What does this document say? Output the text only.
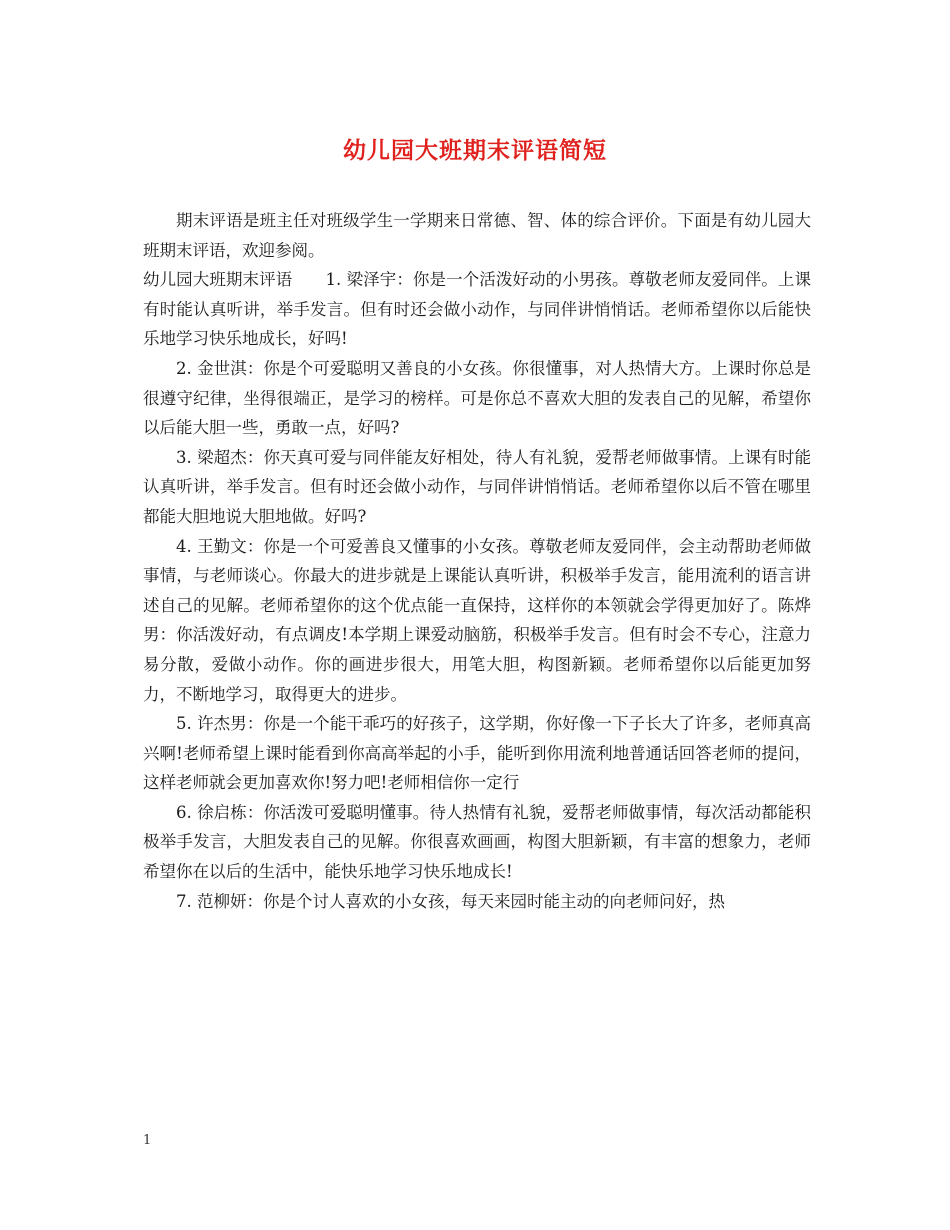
幼儿园大班期末评语简短

期末评语是班主任对班级学生一学期来日常德、智、体的综合评价。下面是有幼儿园大班期末评语，欢迎参阅。

幼儿园大班期末评语　　1. 梁泽宇：你是一个活泼好动的小男孩。尊敬老师友爱同伴。上课有时能认真听讲，举手发言。但有时还会做小动作，与同伴讲悄悄话。老师希望你以后能快乐地学习快乐地成长，好吗!

2. 金世淇：你是个可爱聪明又善良的小女孩。你很懂事，对人热情大方。上课时你总是很遵守纪律，坐得很端正，是学习的榜样。可是你总不喜欢大胆的发表自己的见解，希望你以后能大胆一些，勇敢一点，好吗?

3. 梁超杰：你天真可爱与同伴能友好相处，待人有礼貌，爱帮老师做事情。上课有时能认真听讲，举手发言。但有时还会做小动作，与同伴讲悄悄话。老师希望你以后不管在哪里都能大胆地说大胆地做。好吗?

4. 王勤文：你是一个可爱善良又懂事的小女孩。尊敬老师友爱同伴，会主动帮助老师做事情，与老师谈心。你最大的进步就是上课能认真听讲，积极举手发言，能用流利的语言讲述自己的见解。老师希望你的这个优点能一直保持，这样你的本领就会学得更加好了。陈烨男：你活泼好动，有点调皮!本学期上课爱动脑筋，积极举手发言。但有时会不专心，注意力易分散，爱做小动作。你的画进步很大，用笔大胆，构图新颖。老师希望你以后能更加努力，不断地学习，取得更大的进步。

5. 许杰男：你是一个能干乖巧的好孩子，这学期，你好像一下子长大了许多，老师真高兴啊!老师希望上课时能看到你高高举起的小手，能听到你用流利地普通话回答老师的提问，这样老师就会更加喜欢你!努力吧!老师相信你一定行

6. 徐启栋：你活泼可爱聪明懂事。待人热情有礼貌，爱帮老师做事情，每次活动都能积极举手发言，大胆发表自己的见解。你很喜欢画画，构图大胆新颖，有丰富的想象力，老师希望你在以后的生活中，能快乐地学习快乐地成长!

7. 范柳妍：你是个讨人喜欢的小女孩，每天来园时能主动的向老师问好，热

1
